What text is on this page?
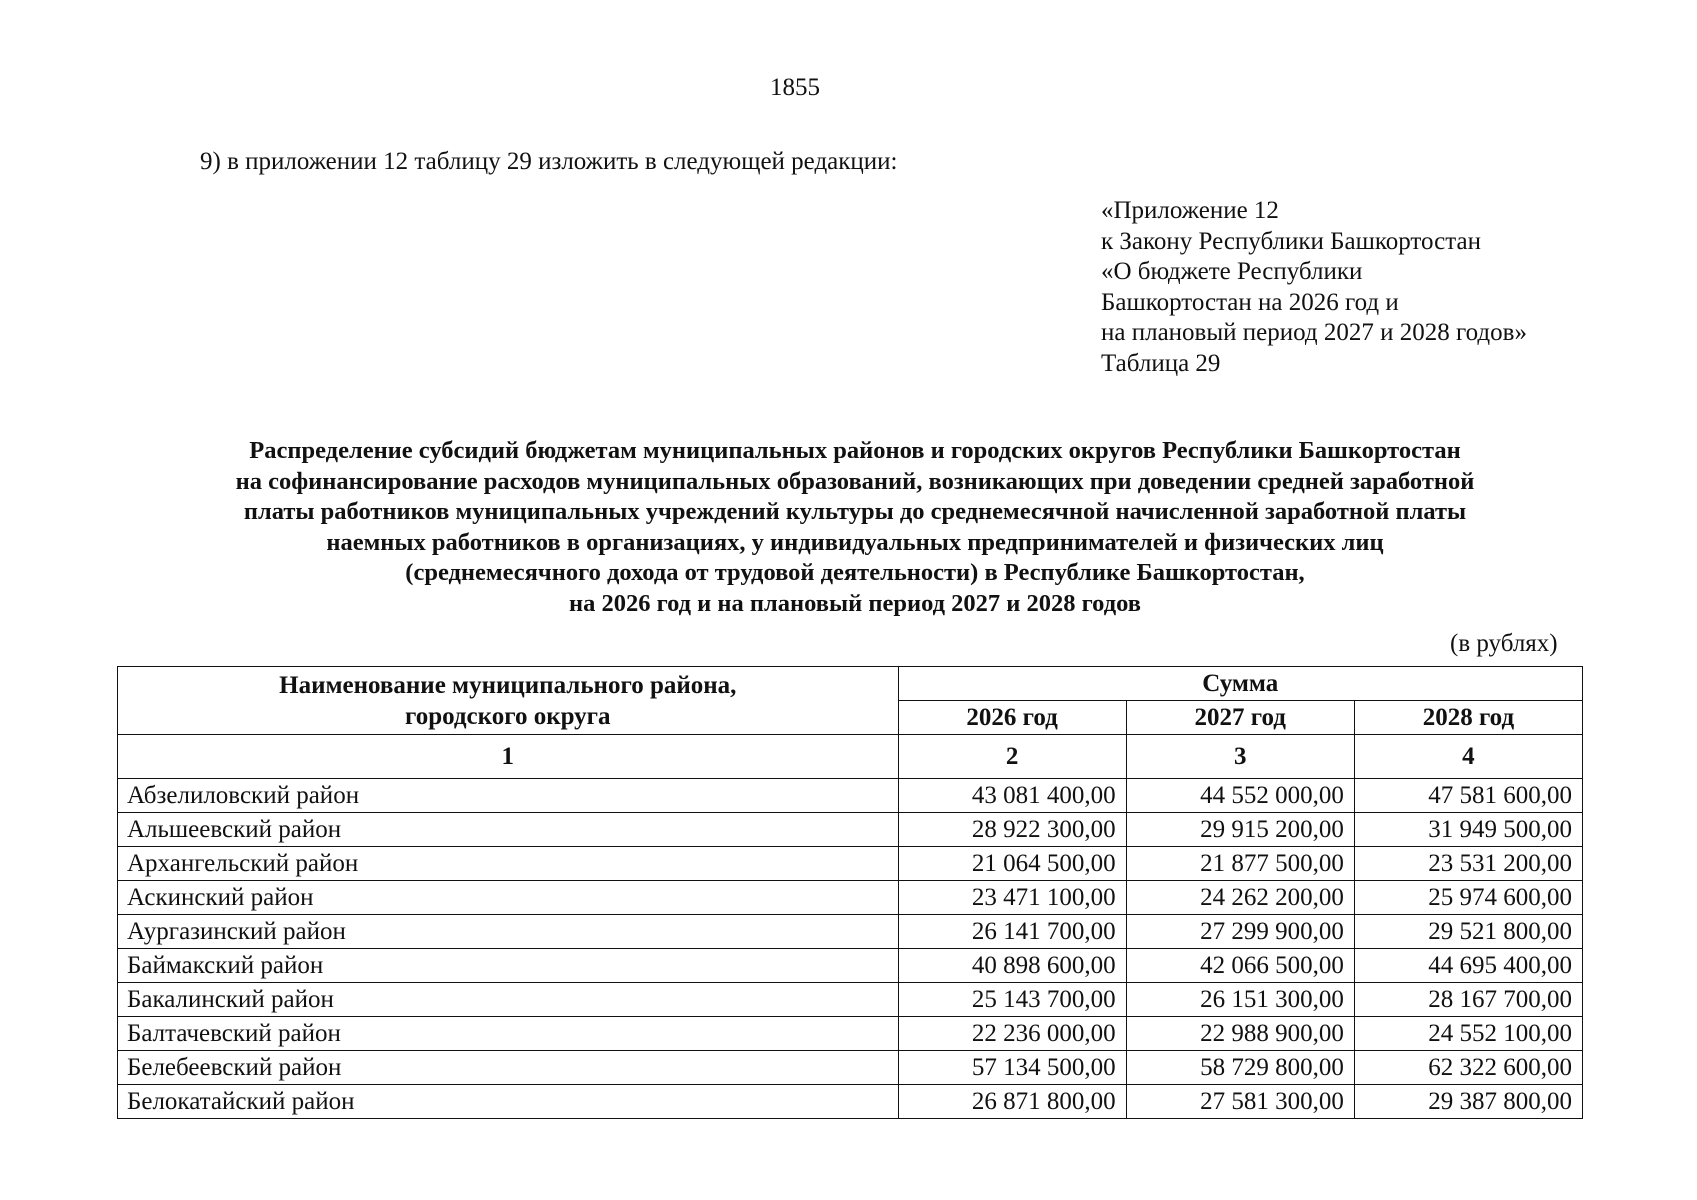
1855
9) в приложении 12 таблицу 29 изложить в следующей редакции:
«Приложение 12
к Закону Республики Башкортостан
«О бюджете Республики
Башкортостан на 2026 год и
на плановый период 2027 и 2028 годов»
Таблица 29
Распределение субсидий бюджетам муниципальных районов и городских округов Республики Башкортостан
на софинансирование расходов муниципальных образований, возникающих при доведении средней заработной
платы работников муниципальных учреждений культуры до среднемесячной начисленной заработной платы
наемных работников в организациях, у индивидуальных предпринимателей и физических лиц
(среднемесячного дохода от трудовой деятельности) в Республике Башкортостан,
на 2026 год и на плановый период 2027 и 2028 годов
(в рублях)
Наименование муниципального района,
городского округа	Сумма		
	2026 год	2027 год	2028 год
1	2	3	4
Абзелиловский район	43 081 400,00	44 552 000,00	47 581 600,00
Альшеевский район	28 922 300,00	29 915 200,00	31 949 500,00
Архангельский район	21 064 500,00	21 877 500,00	23 531 200,00
Аскинский район	23 471 100,00	24 262 200,00	25 974 600,00
Аургазинский район	26 141 700,00	27 299 900,00	29 521 800,00
Баймакский район	40 898 600,00	42 066 500,00	44 695 400,00
Бакалинский район	25 143 700,00	26 151 300,00	28 167 700,00
Балтачевский район	22 236 000,00	22 988 900,00	24 552 100,00
Белебеевский район	57 134 500,00	58 729 800,00	62 322 600,00
Белокатайский район	26 871 800,00	27 581 300,00	29 387 800,00
